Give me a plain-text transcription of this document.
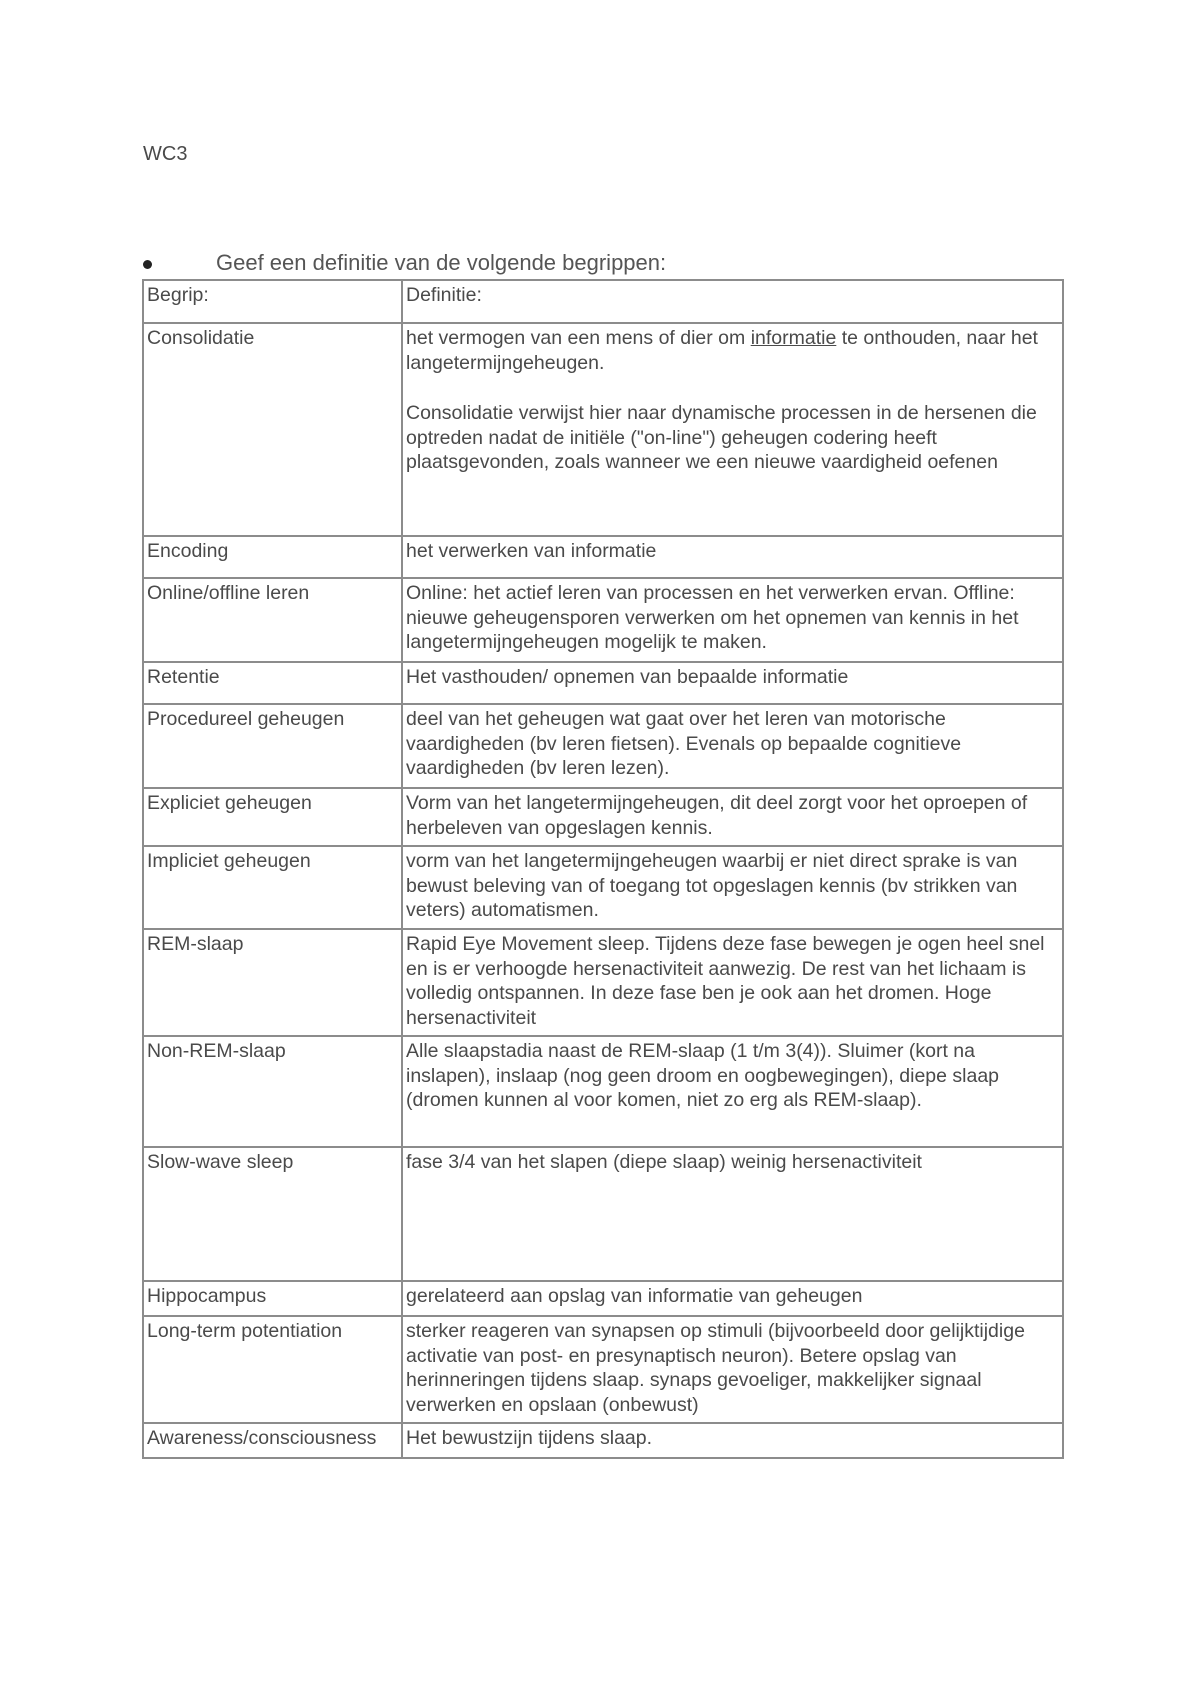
WC3
Geef een definitie van de volgende begrippen:
Begrip:	Definitie:
Consolidatie	het vermogen van een mens of dier om informatie te onthouden, naar het langetermijngeheugen.
Consolidatie verwijst hier naar dynamische processen in de hersenen die optreden nadat de initiële ("on-line") geheugen codering heeft plaatsgevonden, zoals wanneer we een nieuwe vaardigheid oefenen
Encoding	het verwerken van informatie
Online/offline leren	Online: het actief leren van processen en het verwerken ervan. Offline: nieuwe geheugensporen verwerken om het opnemen van kennis in het langetermijngeheugen mogelijk te maken.
Retentie	Het vasthouden/ opnemen van bepaalde informatie
Procedureel geheugen	deel van het geheugen wat gaat over het leren van motorische vaardigheden (bv leren fietsen). Evenals op bepaalde cognitieve vaardigheden (bv leren lezen).
Expliciet geheugen	Vorm van het langetermijngeheugen, dit deel zorgt voor het oproepen of herbeleven van opgeslagen kennis.
Impliciet geheugen	vorm van het langetermijngeheugen waarbij er niet direct sprake is van bewust beleving van of toegang tot opgeslagen kennis (bv strikken van veters) automatismen.
REM-slaap	Rapid Eye Movement sleep. Tijdens deze fase bewegen je ogen heel snel en is er verhoogde hersenactiviteit aanwezig. De rest van het lichaam is volledig ontspannen. In deze fase ben je ook aan het dromen. Hoge hersenactiviteit
Non-REM-slaap	Alle slaapstadia naast de REM-slaap (1 t/m 3(4)). Sluimer (kort na inslapen), inslaap (nog geen droom en oogbewegingen), diepe slaap (dromen kunnen al voor komen, niet zo erg als REM-slaap).
Slow-wave sleep	fase 3/4 van het slapen (diepe slaap) weinig hersenactiviteit
Hippocampus	gerelateerd aan opslag van informatie van geheugen
Long-term potentiation	sterker reageren van synapsen op stimuli (bijvoorbeeld door gelijktijdige activatie van post- en presynaptisch neuron). Betere opslag van herinneringen tijdens slaap. synaps gevoeliger, makkelijker signaal verwerken en opslaan (onbewust)
Awareness/consciousness	Het bewustzijn tijdens slaap.
